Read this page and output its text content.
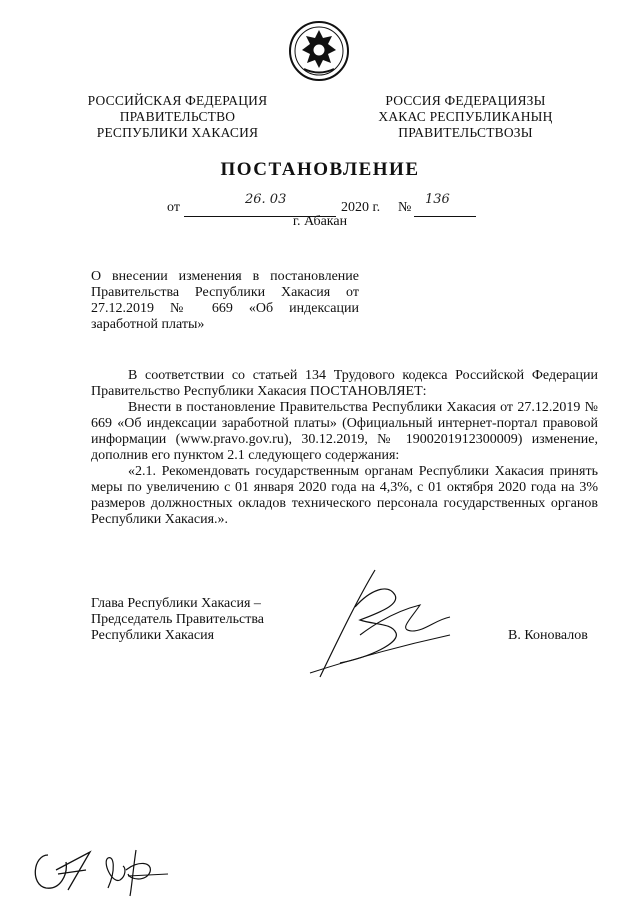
РОССИЙСКАЯ ФЕДЕРАЦИЯ
ПРАВИТЕЛЬСТВО
РЕСПУБЛИКИ ХАКАСИЯ
РОССИЯ ФЕДЕРАЦИЯЗЫ
ХАКАС РЕСПУБЛИКАНЫҢ
ПРАВИТЕЛЬСТВОЗЫ
ПОСТАНОВЛЕНИЕ
от
26. 03
2020 г. №
136
г. Абакан
О внесении изменения в постановление Правительства Республики Хакасия от 27.12.2019 № 669 «Об индексации заработной платы»

В соответствии со статьей 134 Трудового кодекса Российской Федерации Правительство Республики Хакасия ПОСТАНОВЛЯЕТ:

Внести в постановление Правительства Республики Хакасия от 27.12.2019 № 669 «Об индексации заработной платы» (Официальный интернет-портал правовой информации (www.pravo.gov.ru), 30.12.2019, № 1900201912300009) изменение, дополнив его пунктом 2.1 следующего содержания:

«2.1. Рекомендовать государственным органам Республики Хакасия принять меры по увеличению с 01 января 2020 года на 4,3%, с 01 октября 2020 года на 3% размеров должностных окладов технического персонала государственных органов Республики Хакасия.».

Глава Республики Хакасия –
Председатель Правительства
Республики Хакасия	В. Коновалов
